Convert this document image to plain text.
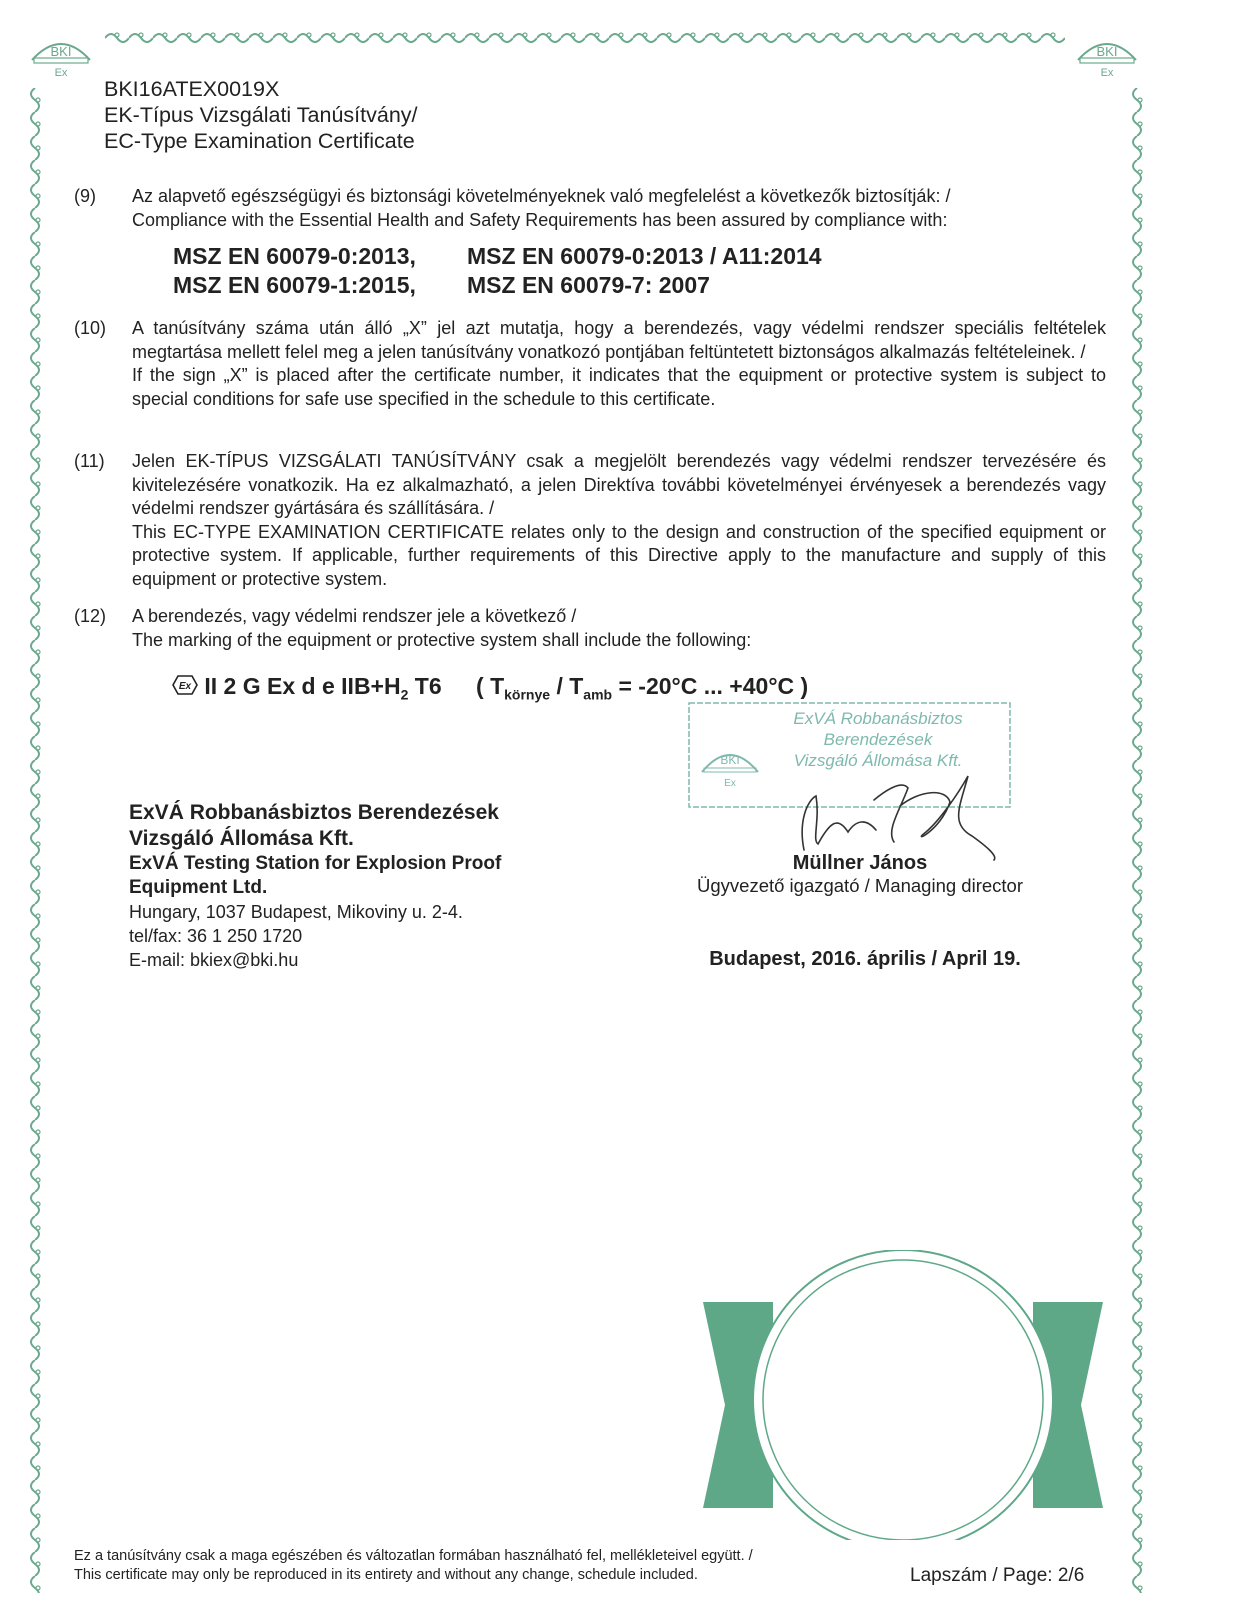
BKI
Ex
BKI
Ex
BKI16ATEX0019X
EK-Típus Vizsgálati Tanúsítvány/
EC-Type Examination Certificate
(9) Az alapvető egészségügyi és biztonsági követelményeknek való megfelelést a következők biztosítják: /

Compliance with the Essential Health and Safety Requirements has been assured by compliance with:

MSZ EN 60079-0:2013, MSZ EN 60079-0:2013 / A11:2014
MSZ EN 60079-1:2015, MSZ EN 60079-7: 2007
(10) A tanúsítvány száma után álló „X” jel azt mutatja, hogy a berendezés, vagy védelmi rendszer speciális feltételek megtartása mellett felel meg a jelen tanúsítvány vonatkozó pontjában feltüntetett biztonságos alkalmazás feltételeinek. /

If the sign „X” is placed after the certificate number, it indicates that the equipment or protective system is subject to special conditions for safe use specified in the schedule to this certificate.

(11) Jelen EK-TÍPUS VIZSGÁLATI TANÚSÍTVÁNY csak a megjelölt berendezés vagy védelmi rendszer tervezésére és kivitelezésére vonatkozik. Ha ez alkalmazható, a jelen Direktíva további követelményei érvényesek a berendezés vagy védelmi rendszer gyártására és szállítására. /

This EC-TYPE EXAMINATION CERTIFICATE relates only to the design and construction of the specified equipment or protective system. If applicable, further requirements of this Directive apply to the manufacture and supply of this equipment or protective system.

(12) A berendezés, vagy védelmi rendszer jele a következő /

The marking of the equipment or protective system shall include the following:

Ex II 2 G Ex d e $IIB+H_2$ T6 ( $T_{környe} / T_{amb} = -20^\circ C$ ... +40°C )
BKI
Ex
ExVÁ Robbanásbiztos
Berendezések
Vizsgáló Állomása Kft.
ExVÁ Robbanásbiztos Berendezések
Vizsgáló Állomása Kft.
ExVÁ Testing Station for Explosion Proof
Equipment Ltd.
Hungary, 1037 Budapest, Mikoviny u. 2-4.
tel/fax: 36 1 250 1720
E-mail: bkiex@bki.hu
Müllner János
Ügyvezető igazgató / Managing director
Budapest, 2016. április / April 19.
Ez a tanúsítvány csak a maga egészében és változatlan formában használható fel, mellékleteivel együtt. /
This certificate may only be reproduced in its entirety and without any change, schedule included.	Lapszám / Page: 2/6
